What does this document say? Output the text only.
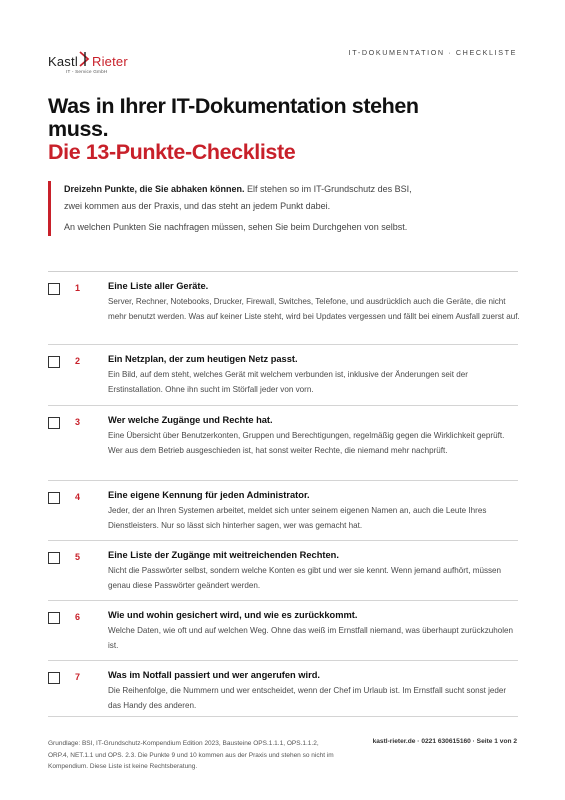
Kastl Rieter
IT - Service GmbH
IT-DOKUMENTATION · CHECKLISTE
Was in Ihrer IT-Dokumentation stehen
muss.
Die 13-Punkte-Checkliste

Dreizehn Punkte, die Sie abhaken können. Elf stehen so im IT-Grundschutz des BSI, zwei kommen aus der Praxis, und das steht an jedem Punkt dabei.

An welchen Punkten Sie nachfragen müssen, sehen Sie beim Durchgehen von selbst.

1	Eine Liste aller Geräte.

Server, Rechner, Notebooks, Drucker, Firewall, Switches, Telefone, und ausdrücklich auch die Geräte, die nicht mehr benutzt werden. Was auf keiner Liste steht, wird bei Updates vergessen und fällt bei einem Ausfall zuerst auf.

2	Ein Netzplan, der zum heutigen Netz passt.

Ein Bild, auf dem steht, welches Gerät mit welchem verbunden ist, inklusive der Änderungen seit der Erstinstallation. Ohne ihn sucht im Störfall jeder von vorn.

3	Wer welche Zugänge und Rechte hat.

Eine Übersicht über Benutzerkonten, Gruppen und Berechtigungen, regelmäßig gegen die Wirklichkeit geprüft. Wer aus dem Betrieb ausgeschieden ist, hat sonst weiter Rechte, die niemand mehr nachprüft.

4	Eine eigene Kennung für jeden Administrator.

Jeder, der an Ihren Systemen arbeitet, meldet sich unter seinem eigenen Namen an, auch die Leute Ihres Dienstleisters. Nur so lässt sich hinterher sagen, wer was gemacht hat.

5	Eine Liste der Zugänge mit weitreichenden Rechten.

Nicht die Passwörter selbst, sondern welche Konten es gibt und wer sie kennt. Wenn jemand aufhört, müssen genau diese Passwörter geändert werden.

6	Wie und wohin gesichert wird, und wie es zurückkommt.

Welche Daten, wie oft und auf welchen Weg. Ohne das weiß im Ernstfall niemand, was überhaupt zurückzuholen ist.

7	Was im Notfall passiert und wer angerufen wird.

Die Reihenfolge, die Nummern und wer entscheidet, wenn der Chef im Urlaub ist. Im Ernstfall sucht sonst jeder das Handy des anderen.

Grundlage: BSI, IT-Grundschutz-Kompendium Edition 2023, Bausteine OPS.1.1.1, OPS.1.1.2, ORP.4, NET.1.1 und OPS. 2.3. Die Punkte 9 und 10 kommen aus der Praxis und stehen so nicht im Kompendium. Diese Liste ist keine Rechtsberatung.

kastl-rieter.de · 0221 630615160 · Seite 1 von 2
